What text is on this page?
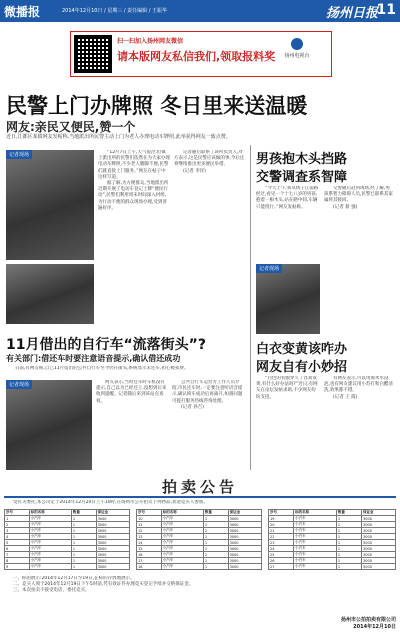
微播报	2014年12月10日 / 星期三 / 责任编辑 / 王振华	扬州日报
11
扫一扫加入扬州网友微信
请本版网友私信我们,领取报料奖	扬州电视台
民警上门办牌照 冬日里来送温暖
网友:亲民又便民,赞一个
近日,江都区某镇网友发帖称,当地派出所民警主动上门为老人办理电动车牌照,此举获得网友一致点赞。
记者现场	“12月7日上午,天气很冷,但镇上派出所的民警们依然在为大家办理电动车牌照,不少老人腿脚不便,民警们就直接上门服务。”网友在帖子中这样写道。

据了解,为方便群众,当地派出所近期开展了电动车登记上牌“便民行动”,民警们利用周末时间深入村组,为行动不便的群众现场办理,受到普遍好评。

记者随后联系了该所负责人,对方表示,这是民警应该做的事,今后还将继续推出更多便民举措。

(记者 李洋)

11月借出的自行车“流落街头”?
有关部门:借还车时要注意语音提示,确认借还成功

日前,有网友称,自己11月借出的公共自行车至今仍在街头,系统显示未还车,担心被扣费。

记者现场	网友表示,当时还车时车桩没有提示,自己以为已经还上,没想到后来收到提醒。记者随后来到该站点查看。

公共自行车运营方工作人员介绍,市民还车时,一定要注意听语音提示,确认锁车成功后再离开,如遇问题可拨打服务热线咨询处理。

(记者 孙吉)

男孩抱木头挡路
交警调查系智障

“今天上午,我从扬子江南路经过,看见一个十七八岁的男孩,抱着一根木头,站在路中间,车辆只能绕行。”网友发帖称。

交警随后赶到现场,经了解,男孩系智力障碍人员,民警已联系其家属将其接回。

(记者 蔡 强)

记者现场
白衣变黄该咋办
网友自有小妙招

“白色的衣服穿久了容易发黄,有什么好办法吗?”近日,有网友在论坛发帖求助,不少网友纷纷支招。

有网友表示,可以用淘米水浸泡,也有网友建议用小苏打和白醋清洗,效果都不错。

(记者 王 霞)

拍卖公告

受有关委托,本公司定于2014年12月20日上午10时,在扬州市公开拍卖下列物品,欢迎竞买人参加。

序号	标的名称	数量	保证金
1	小汽车	1	3000
2	小汽车	1	3000
3	小汽车	1	3000
4	小汽车	1	3000
5	小汽车	1	3000
6	小汽车	1	3000
7	小汽车	1	3000
8	小汽车	1	3000
9	小汽车	1	3000
序号	标的名称	数量	保证金
10	小汽车	1	3000
11	小汽车	1	3000
12	小汽车	1	3000
13	小汽车	1	3000
14	小汽车	1	3000
15	小汽车	1	3000
16	小汽车	1	3000
17	小汽车	1	3000
18	小汽车	1	3000
序号	标的名称	数量	保证金
19	小汽车	1	3000
20	小汽车	1	3000
21	小汽车	1	3000
22	小汽车	1	3000
23	小汽车	1	3000
24	小汽车	1	3000
25	小汽车	1	3000
26	小汽车	1	3000
27	小汽车	1	3000

一、标的展示:2014年12月17日至19日,在标的存放地展示。

二、竞买人须于2014年12月19日下午5时前,凭有效证件办理竞买登记手续并交纳保证金。

三、本次拍卖不接受电话、委托竞买。

扬州市公拍拍卖有限公司
2014年12月10日
